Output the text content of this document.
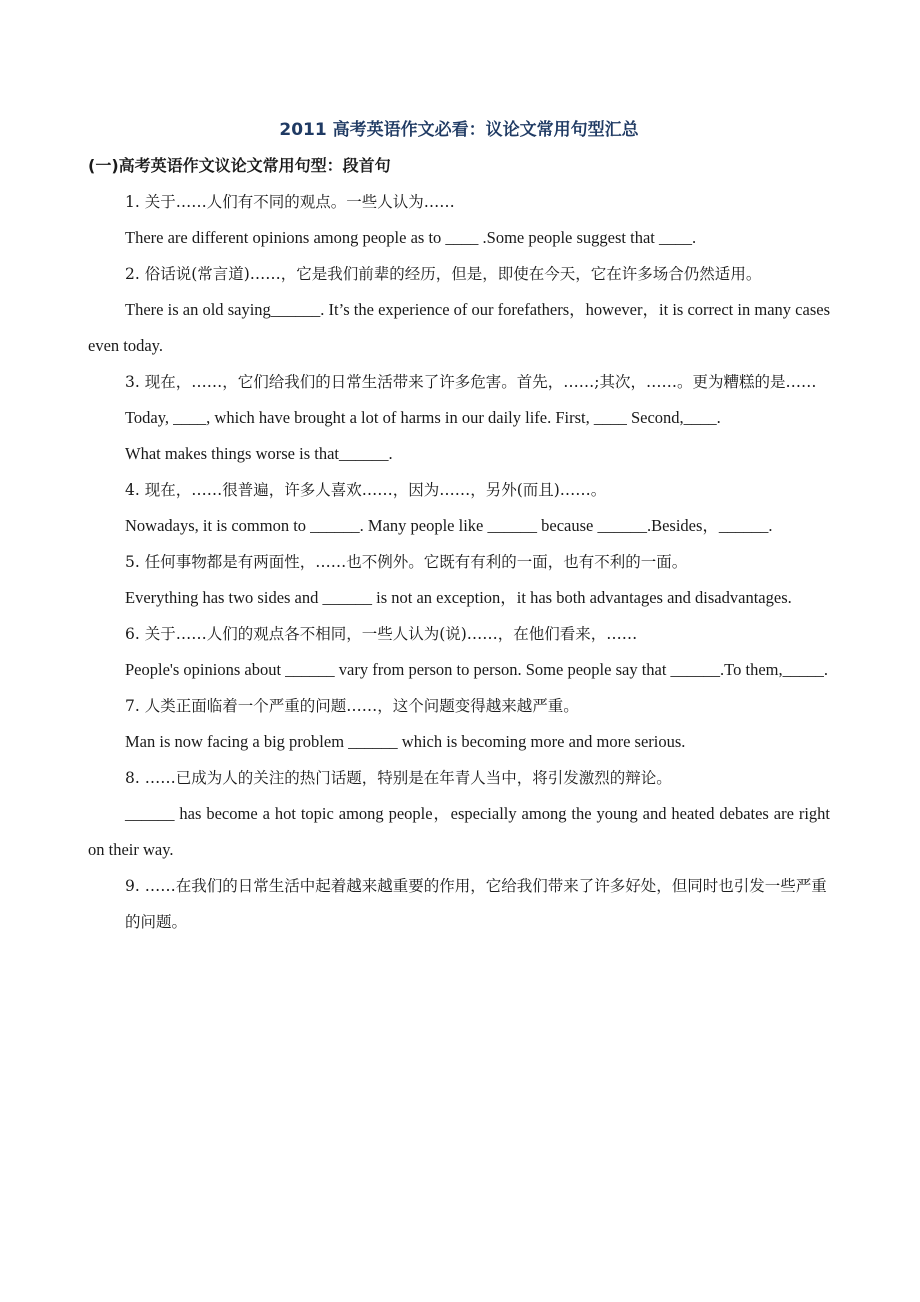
2011 高考英语作文必看：议论文常用句型汇总
(一)高考英语作文议论文常用句型：段首句

1. 关于……人们有不同的观点。一些人认为……

There are different opinions among people as to ____ .Some people suggest that ____.

2. 俗话说(常言道)……，它是我们前辈的经历，但是，即使在今天，它在许多场合仍然适用。

There is an old saying______. It’s the experience of our forefathers，however，it is correct in many cases even today.

3. 现在，……，它们给我们的日常生活带来了许多危害。首先，……;其次，……。更为糟糕的是……

Today, ____, which have brought a lot of harms in our daily life. First, ____ Second,____.

What makes things worse is that______.

4. 现在，……很普遍，许多人喜欢……，因为……，另外(而且)……。

Nowadays, it is common to ______. Many people like ______ because ______.Besides，______.

5. 任何事物都是有两面性，……也不例外。它既有有利的一面，也有不利的一面。

Everything has two sides and ______ is not an exception，it has both advantages and disadvantages.

6. 关于……人们的观点各不相同，一些人认为(说)……，在他们看来，……

People's opinions about ______ vary from person to person. Some people say that ______.To them,_____.

7. 人类正面临着一个严重的问题……，这个问题变得越来越严重。

Man is now facing a big problem ______ which is becoming more and more serious.

8. ……已成为人的关注的热门话题，特别是在年青人当中，将引发激烈的辩论。

______ has become a hot topic among people，especially among the young and heated debates are right on their way.

9. ……在我们的日常生活中起着越来越重要的作用，它给我们带来了许多好处，但同时也引发一些严重

的问题。
